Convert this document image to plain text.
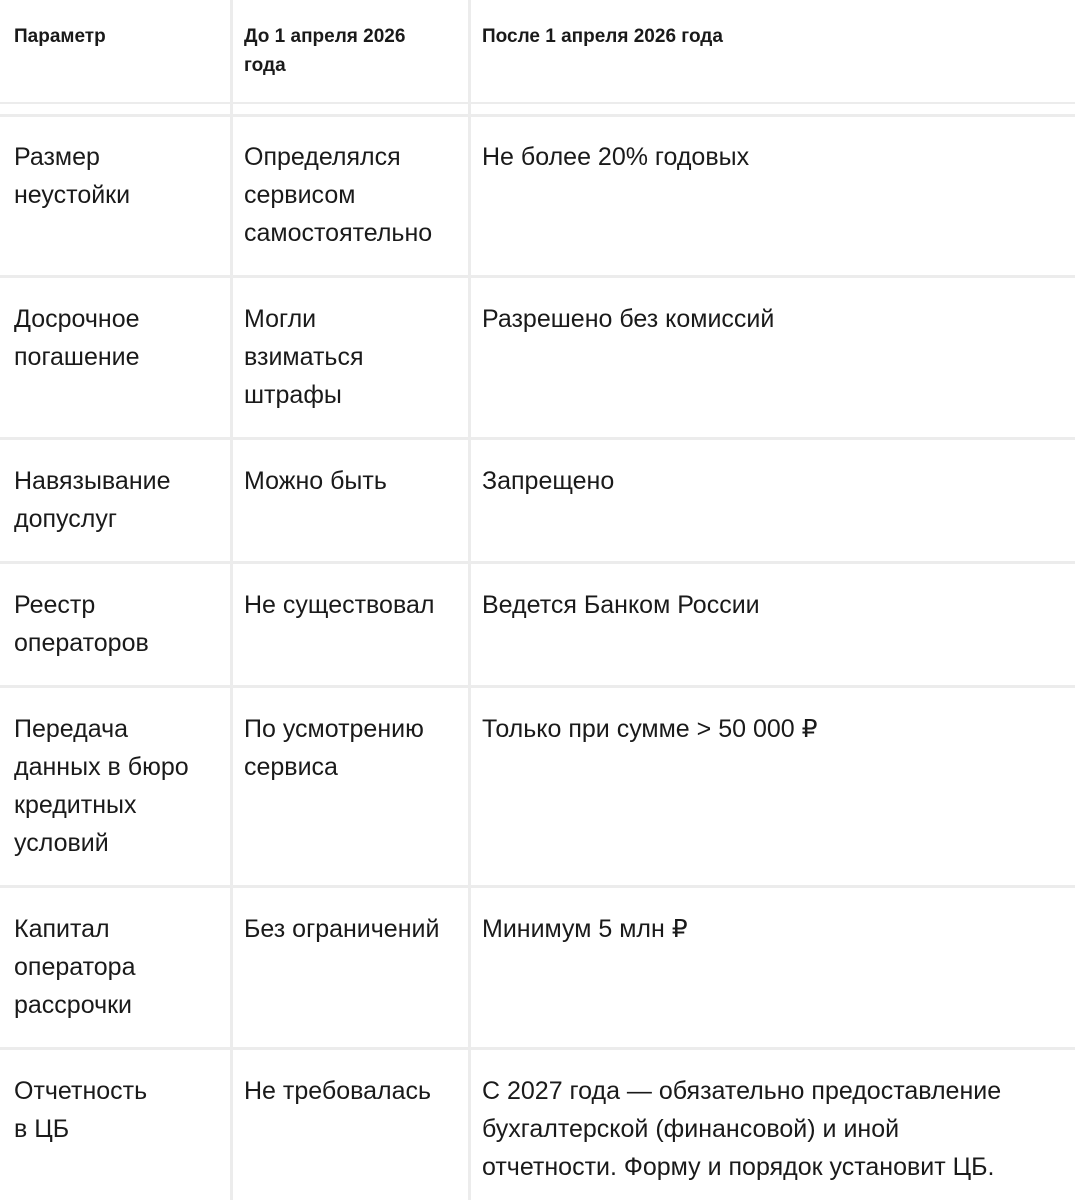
Параметр	До 1 апреля 2026
года
После 1 апреля 2026 года
Размер
неустойки
Определялся
сервисом
самостоятельно
Не более 20% годовых
Досрочное
погашение
Могли
взиматься
штрафы
Разрешено без комиссий
Навязывание
допуслуг
Можно быть	Запрещено
Реестр
операторов
Не существовал Ведется Банком России
Передача
данных в бюро
кредитных
условий
По усмотрению
сервиса
Только при сумме > 50 000 ₽
Капитал
оператора
рассрочки
Без ограничений Минимум 5 млн ₽
Отчетность
в ЦБ
Не требовалась С 2027 года — обязательно предоставление
бухгалтерской (финансовой) и иной
отчетности. Форму и порядок установит ЦБ.
